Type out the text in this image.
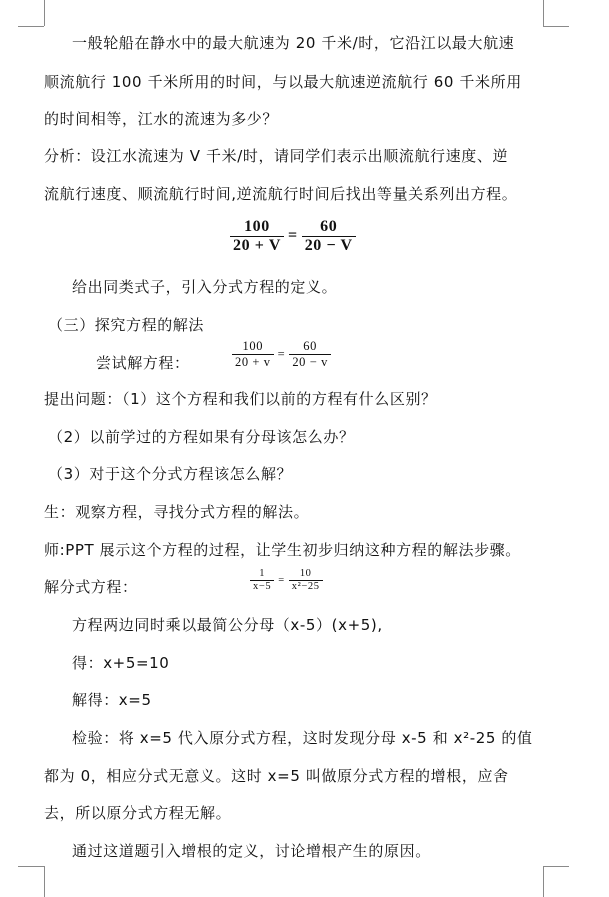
一般轮船在静水中的最大航速为 20 千米/时，它沿江以最大航速
顺流航行 100 千米所用的时间，与以最大航速逆流航行 60 千米所用
的时间相等，江水的流速为多少？
分析：设江水流速为 V 千米/时，请同学们表示出顺流航行速度、逆
流航行速度、顺流航行时间,逆流航行时间后找出等量关系列出方程。
$\frac{100}{20 + V} = \frac{60}{20 - V}$
给出同类式子，引入分式方程的定义。
（三）探究方程的解法
尝试解方程：	$\frac{100}{20 + v} = \frac{60}{20 - v}$
提出问题：（1）这个方程和我们以前的方程有什么区别？
（2）以前学过的方程如果有分母该怎么办？
（3）对于这个分式方程该怎么解？
生：观察方程，寻找分式方程的解法。
师:PPT 展示这个方程的过程，让学生初步归纳这种方程的解法步骤。
解分式方程：	$\frac{1}{x-5} = \frac{10}{\text{x²−25}}$
方程两边同时乘以最简公分母（x-5）(x+5),
得：x+5=10
解得：x=5
检验：将 x=5 代入原分式方程，这时发现分母 x-5 和 x²-25 的值
都为 0，相应分式无意义。这时 x=5 叫做原分式方程的增根，应舍
去，所以原分式方程无解。
通过这道题引入增根的定义，讨论增根产生的原因。
